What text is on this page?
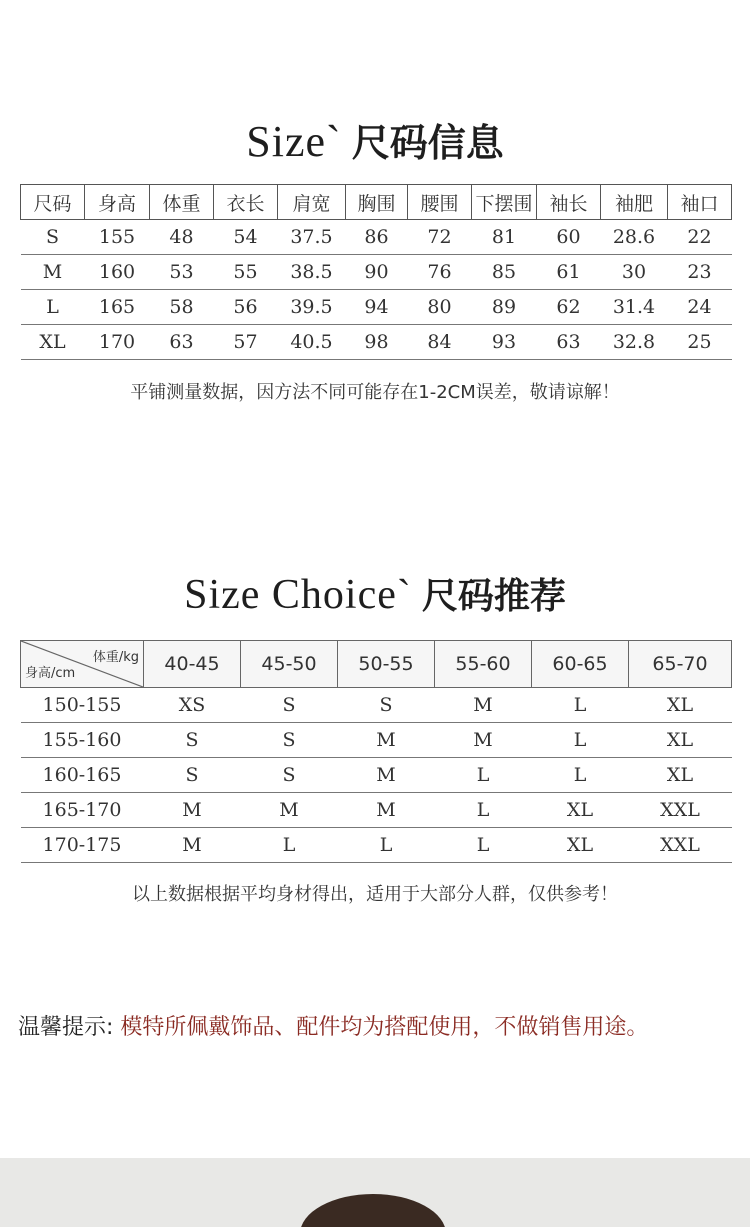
Size` 尺码信息
尺码	身高	体重	衣长	肩宽	胸围	腰围	下摆围	袖长	袖肥	袖口
S	155	48	54	37.5	86	72	81	60	28.6	22
M	160	53	55	38.5	90	76	85	61	30	23
L	165	58	56	39.5	94	80	89	62	31.4	24
XL	170	63	57	40.5	98	84	93	63	32.8	25
平铺测量数据，因方法不同可能存在1-2CM误差，敬请谅解！
Size Choice` 尺码推荐
体重/kg
身高/cm	40-45	45-50	50-55	55-60	60-65	65-70
150-155	XS	S	S	M	L	XL
155-160	S	S	M	M	L	XL
160-165	S	S	M	L	L	XL
165-170	M	M	M	L	XL	XXL
170-175	M	L	L	L	XL	XXL
以上数据根据平均身材得出，适用于大部分人群，仅供参考！
温馨提示: 模特所佩戴饰品、配件均为搭配使用，不做销售用途。
